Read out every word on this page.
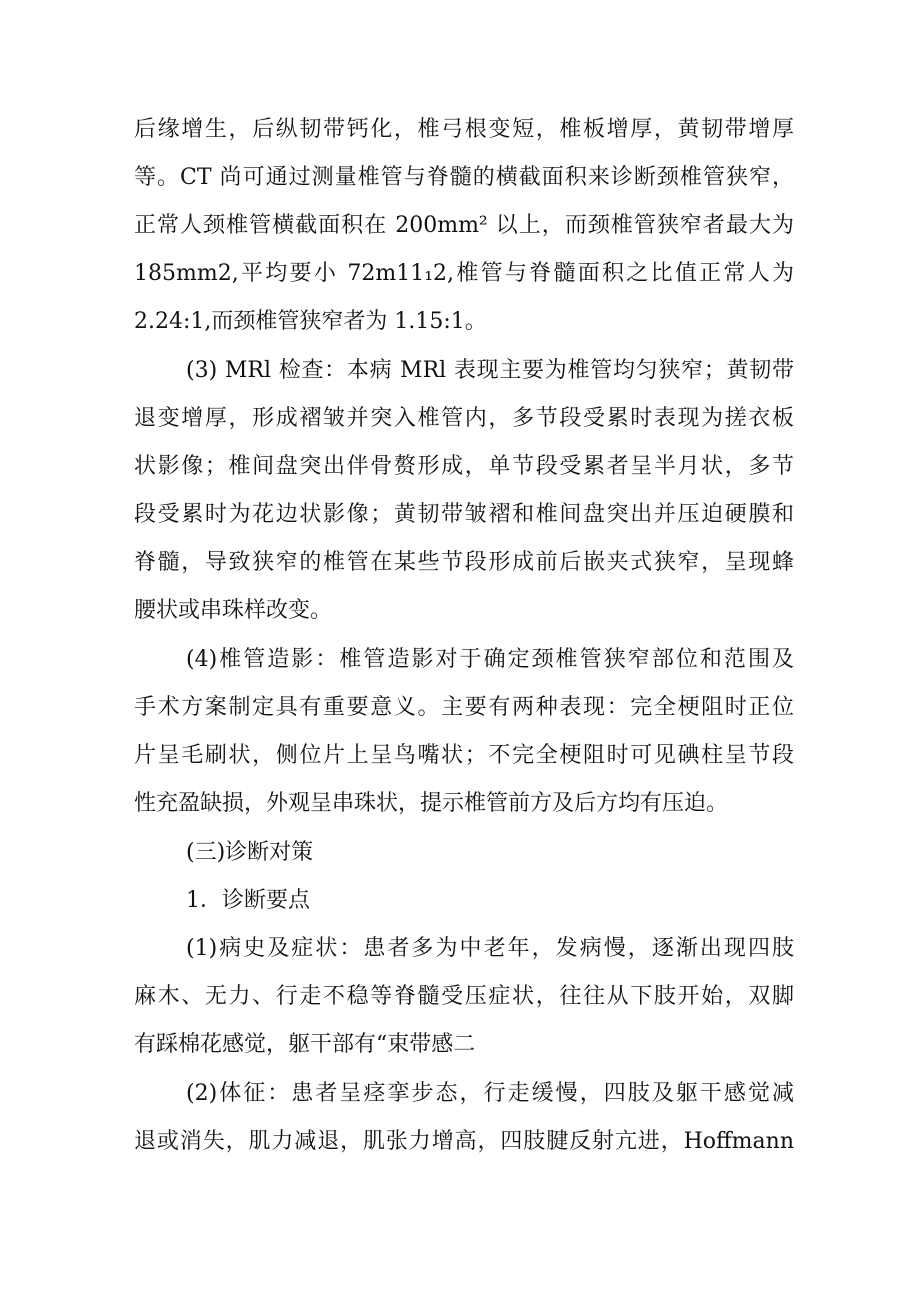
后缘增生，后纵韧带钙化，椎弓根变短，椎板增厚，黄韧带增厚
等。CT 尚可通过测量椎管与脊髓的横截面积来诊断颈椎管狭窄，
正常人颈椎管横截面积在 200mm² 以上，而颈椎管狭窄者最大为
185mm2,平均要小 72m11₁2,椎管与脊髓面积之比值正常人为
2.24:1,而颈椎管狭窄者为 1.15:1。
(3) MRl 检查：本病 MRl 表现主要为椎管均匀狭窄；黄韧带
退变增厚，形成褶皱并突入椎管内，多节段受累时表现为搓衣板
状影像；椎间盘突出伴骨赘形成，单节段受累者呈半月状，多节
段受累时为花边状影像；黄韧带皱褶和椎间盘突出并压迫硬膜和
脊髓，导致狭窄的椎管在某些节段形成前后嵌夹式狭窄，呈现蜂
腰状或串珠样改变。
(4)椎管造影：椎管造影对于确定颈椎管狭窄部位和范围及
手术方案制定具有重要意义。主要有两种表现：完全梗阻时正位
片呈毛刷状，侧位片上呈鸟嘴状；不完全梗阻时可见碘柱呈节段
性充盈缺损，外观呈串珠状，提示椎管前方及后方均有压迫。
(三)诊断对策
1．诊断要点
(1)病史及症状：患者多为中老年，发病慢，逐渐出现四肢
麻木、无力、行走不稳等脊髓受压症状，往往从下肢开始，双脚
有踩棉花感觉，躯干部有“束带感二
(2)体征：患者呈痉挛步态，行走缓慢，四肢及躯干感觉减
退或消失，肌力减退，肌张力增高，四肢腱反射亢进，Hoffmann
